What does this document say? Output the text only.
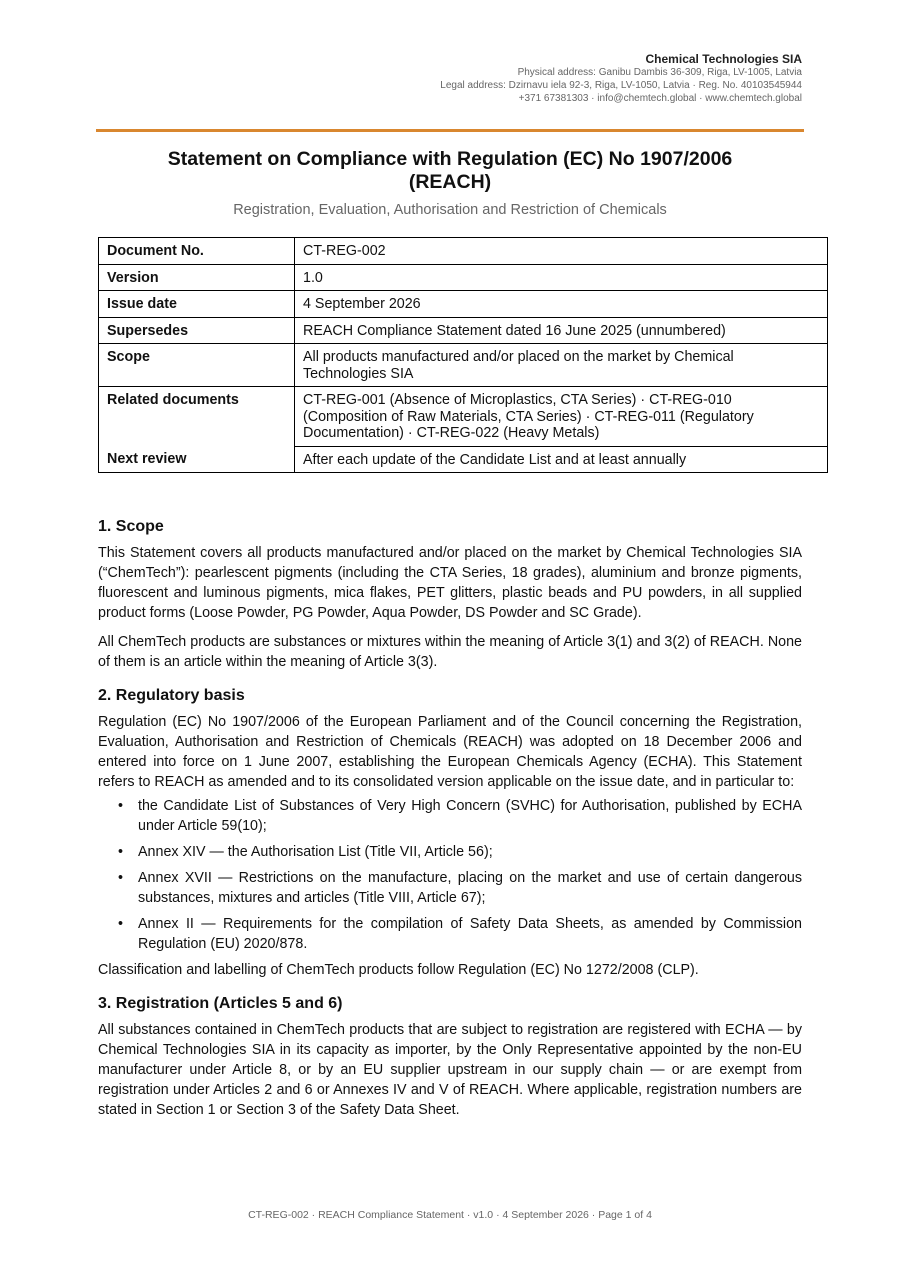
Chemical Technologies SIA
Physical address: Ganibu Dambis 36-309, Riga, LV-1005, Latvia
Legal address: Dzirnavu iela 92-3, Riga, LV-1050, Latvia · Reg. No. 40103545944
+371 67381303 · info@chemtech.global · www.chemtech.global
Statement on Compliance with Regulation (EC) No 1907/2006
(REACH)
Registration, Evaluation, Authorisation and Restriction of Chemicals
Document No.	CT-REG-002
Version	1.0
Issue date	4 September 2026
Supersedes	REACH Compliance Statement dated 16 June 2025 (unnumbered)
Scope	All products manufactured and/or placed on the market by Chemical Technologies SIA
Related documents	CT-REG-001 (Absence of Microplastics, CTA Series) · CT-REG-010 (Composition of Raw Materials, CTA Series) · CT-REG-011 (Regulatory Documentation) · CT-REG-022 (Heavy Metals)
Next review	After each update of the Candidate List and at least annually
1. Scope

This Statement covers all products manufactured and/or placed on the market by Chemical Technologies SIA (“ChemTech”): pearlescent pigments (including the CTA Series, 18 grades), aluminium and bronze pigments, fluorescent and luminous pigments, mica flakes, PET glitters, plastic beads and PU powders, in all supplied product forms (Loose Powder, PG Powder, Aqua Powder, DS Powder and SC Grade).

All ChemTech products are substances or mixtures within the meaning of Article 3(1) and 3(2) of REACH. None of them is an article within the meaning of Article 3(3).

2. Regulatory basis

Regulation (EC) No 1907/2006 of the European Parliament and of the Council concerning the Registration, Evaluation, Authorisation and Restriction of Chemicals (REACH) was adopted on 18 December 2006 and entered into force on 1 June 2007, establishing the European Chemicals Agency (ECHA). This Statement refers to REACH as amended and to its consolidated version applicable on the issue date, and in particular to:

• the Candidate List of Substances of Very High Concern (SVHC) for Authorisation, published by ECHA under Article 59(10);
• Annex XIV — the Authorisation List (Title VII, Article 56);
• Annex XVII — Restrictions on the manufacture, placing on the market and use of certain dangerous substances, mixtures and articles (Title VIII, Article 67);
• Annex II — Requirements for the compilation of Safety Data Sheets, as amended by Commission Regulation (EU) 2020/878.

Classification and labelling of ChemTech products follow Regulation (EC) No 1272/2008 (CLP).

3. Registration (Articles 5 and 6)

All substances contained in ChemTech products that are subject to registration are registered with ECHA — by Chemical Technologies SIA in its capacity as importer, by the Only Representative appointed by the non-EU manufacturer under Article 8, or by an EU supplier upstream in our supply chain — or are exempt from registration under Articles 2 and 6 or Annexes IV and V of REACH. Where applicable, registration numbers are stated in Section 1 or Section 3 of the Safety Data Sheet.

CT-REG-002 · REACH Compliance Statement · v1.0 · 4 September 2026 · Page 1 of 4
